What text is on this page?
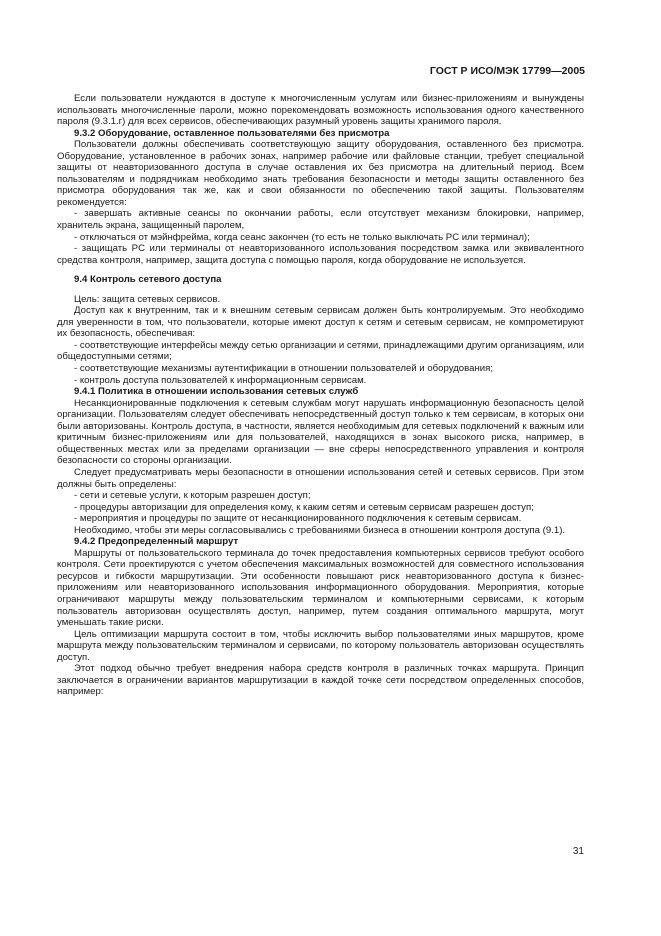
ГОСТ Р ИСО/МЭК 17799—2005

Если пользователи нуждаются в доступе к многочисленным услугам или бизнес-приложениям и вынуждены использовать многочисленные пароли, можно порекомендовать возможность использования одного качественного пароля (9.3.1.г) для всех сервисов, обеспечивающих разумный уровень защиты хранимого пароля.

9.3.2 Оборудование, оставленное пользователями без присмотра

Пользователи должны обеспечивать соответствующую защиту оборудования, оставленного без присмотра. Оборудование, установленное в рабочих зонах, например рабочие или файловые станции, требует специальной защиты от неавторизованного доступа в случае оставления их без присмотра на длительный период. Всем пользователям и подрядчикам необходимо знать требования безопасности и методы защиты оставленного без присмотра оборудования так же, как и свои обязанности по обеспечению такой защиты. Пользователям рекомендуется:

- завершать активные сеансы по окончании работы, если отсутствует механизм блокировки, например, хранитель экрана, защищенный паролем,

- отключаться от мэйнфрейма, когда сеанс закончен (то есть не только выключать PC или терминал);

- защищать PC или терминалы от неавторизованного использования посредством замка или эквивалентного средства контроля, например, защита доступа с помощью пароля, когда оборудование не используется.

9.4 Контроль сетевого доступа

Цель: защита сетевых сервисов.

Доступ как к внутренним, так и к внешним сетевым сервисам должен быть контролируемым. Это необходимо для уверенности в том, что пользователи, которые имеют доступ к сетям и сетевым сервисам, не компрометируют их безопасность, обеспечивая:

- соответствующие интерфейсы между сетью организации и сетями, принадлежащими другим организациям, или общедоступными сетями;

- соответствующие механизмы аутентификации в отношении пользователей и оборудования;

- контроль доступа пользователей к информационным сервисам.

9.4.1 Политика в отношении использования сетевых служб

Несанкционированные подключения к сетевым службам могут нарушать информационную безопасность целой организации. Пользователям следует обеспечивать непосредственный доступ только к тем сервисам, в которых они были авторизованы. Контроль доступа, в частности, является необходимым для сетевых подключений к важным или критичным бизнес-приложениям или для пользователей, находящихся в зонах высокого риска, например, в общественных местах или за пределами организации — вне сферы непосредственного управления и контроля безопасности со стороны организации.

Следует предусматривать меры безопасности в отношении использования сетей и сетевых сервисов. При этом должны быть определены:

- сети и сетевые услуги, к которым разрешен доступ;

- процедуры авторизации для определения кому, к каким сетям и сетевым сервисам разрешен доступ;

- мероприятия и процедуры по защите от несанкционированного подключения к сетевым сервисам.

Необходимо, чтобы эти меры согласовывались с требованиями бизнеса в отношении контроля доступа (9.1).

9.4.2 Предопределенный маршрут

Маршруты от пользовательского терминала до точек предоставления компьютерных сервисов требуют особого контроля. Сети проектируются с учетом обеспечения максимальных возможностей для совместного использования ресурсов и гибкости маршрутизации. Эти особенности повышают риск неавторизованного доступа к бизнес-приложениям или неавторизованного использования информационного оборудования. Мероприятия, которые ограничивают маршруты между пользовательским терминалом и компьютерными сервисами, к которым пользователь авторизован осуществлять доступ, например, путем создания оптимального маршрута, могут уменьшать такие риски.

Цель оптимизации маршрута состоит в том, чтобы исключить выбор пользователями иных маршрутов, кроме маршрута между пользовательским терминалом и сервисами, по которому пользователь авторизован осуществлять доступ.

Этот подход обычно требует внедрения набора средств контроля в различных точках маршрута. Принцип заключается в ограничении вариантов маршрутизации в каждой точке сети посредством определенных способов, например:

31
